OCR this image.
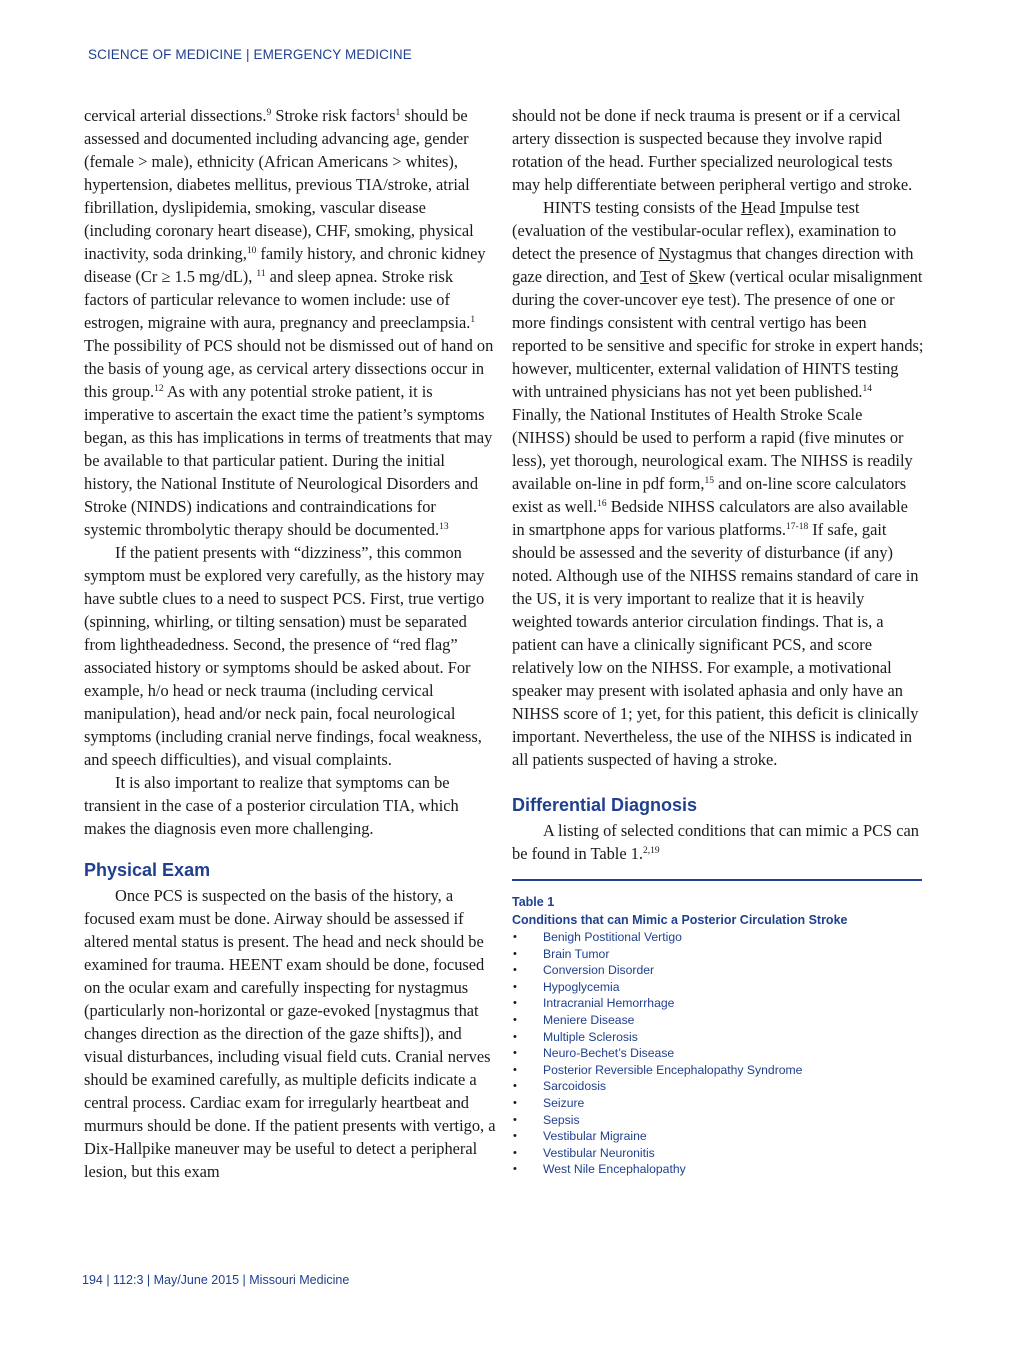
SCIENCE OF MEDICINE | EMERGENCY MEDICINE

cervical arterial dissections.$^9$ Stroke risk factors$^1$ should be assessed and documented including advancing age, gender (female > male), ethnicity (African Americans > whites), hypertension, diabetes mellitus, previous TIA/stroke, atrial fibrillation, dyslipidemia, smoking, vascular disease (including coronary heart disease), CHF, smoking, physical inactivity, soda drinking,$^{10}$ family history, and chronic kidney disease (Cr ≥ 1.5 mg/dL), $^{11}$ and sleep apnea. Stroke risk factors of particular relevance to women include: use of estrogen, migraine with aura, pregnancy and preeclampsia.$^1$ The possibility of PCS should not be dismissed out of hand on the basis of young age, as cervical artery dissections occur in this group.$^{12}$ As with any potential stroke patient, it is imperative to ascertain the exact time the patient’s symptoms began, as this has implications in terms of treatments that may be available to that particular patient. During the initial history, the National Institute of Neurological Disorders and Stroke (NINDS) indications and contraindications for systemic thrombolytic therapy should be documented.$^{13}$

If the patient presents with “dizziness”, this common symptom must be explored very carefully, as the history may have subtle clues to a need to suspect PCS. First, true vertigo (spinning, whirling, or tilting sensation) must be separated from lightheadedness. Second, the presence of “red flag” associated history or symptoms should be asked about. For example, h/o head or neck trauma (including cervical manipulation), head and/or neck pain, focal neurological symptoms (including cranial nerve findings, focal weakness, and speech difficulties), and visual complaints.

It is also important to realize that symptoms can be transient in the case of a posterior circulation TIA, which makes the diagnosis even more challenging.

Physical Exam

Once PCS is suspected on the basis of the history, a focused exam must be done. Airway should be assessed if altered mental status is present. The head and neck should be examined for trauma. HEENT exam should be done, focused on the ocular exam and carefully inspecting for nystagmus (particularly non-horizontal or gaze-evoked [nystagmus that changes direction as the direction of the gaze shifts]), and visual disturbances, including visual field cuts. Cranial nerves should be examined carefully, as multiple deficits indicate a central process. Cardiac exam for irregularly heartbeat and murmurs should be done. If the patient presents with vertigo, a Dix-Hallpike maneuver may be useful to detect a peripheral lesion, but this exam

should not be done if neck trauma is present or if a cervical artery dissection is suspected because they involve rapid rotation of the head. Further specialized neurological tests may help differentiate between peripheral vertigo and stroke.

HINTS testing consists of the Head Impulse test (evaluation of the vestibular-ocular reflex), examination to detect the presence of Nystagmus that changes direction with gaze direction, and Test of Skew (vertical ocular misalignment during the cover-uncover eye test). The presence of one or more findings consistent with central vertigo has been reported to be sensitive and specific for stroke in expert hands; however, multicenter, external validation of HINTS testing with untrained physicians has not yet been published.$^{14}$ Finally, the National Institutes of Health Stroke Scale (NIHSS) should be used to perform a rapid (five minutes or less), yet thorough, neurological exam. The NIHSS is readily available on-line in pdf form,$^{15}$ and on-line score calculators exist as well.$^{16}$ Bedside NIHSS calculators are also available in smartphone apps for various platforms.$^{17-18}$ If safe, gait should be assessed and the severity of disturbance (if any) noted. Although use of the NIHSS remains standard of care in the US, it is very important to realize that it is heavily weighted towards anterior circulation findings. That is, a patient can have a clinically significant PCS, and score relatively low on the NIHSS. For example, a motivational speaker may present with isolated aphasia and only have an NIHSS score of 1; yet, for this patient, this deficit is clinically important. Nevertheless, the use of the NIHSS is indicated in all patients suspected of having a stroke.

Differential Diagnosis

A listing of selected conditions that can mimic a PCS can be found in Table 1.$^{2,19}$

Table 1
Conditions that can Mimic a Posterior Circulation Stroke
• Benigh Postitional Vertigo
• Brain Tumor
• Conversion Disorder
• Hypoglycemia
• Intracranial Hemorrhage
• Meniere Disease
• Multiple Sclerosis
• Neuro-Bechet’s Disease
• Posterior Reversible Encephalopathy Syndrome
• Sarcoidosis
• Seizure
• Sepsis
• Vestibular Migraine
• Vestibular Neuronitis
• West Nile Encephalopathy
194 | 112:3 | May/June 2015 | Missouri Medicine
